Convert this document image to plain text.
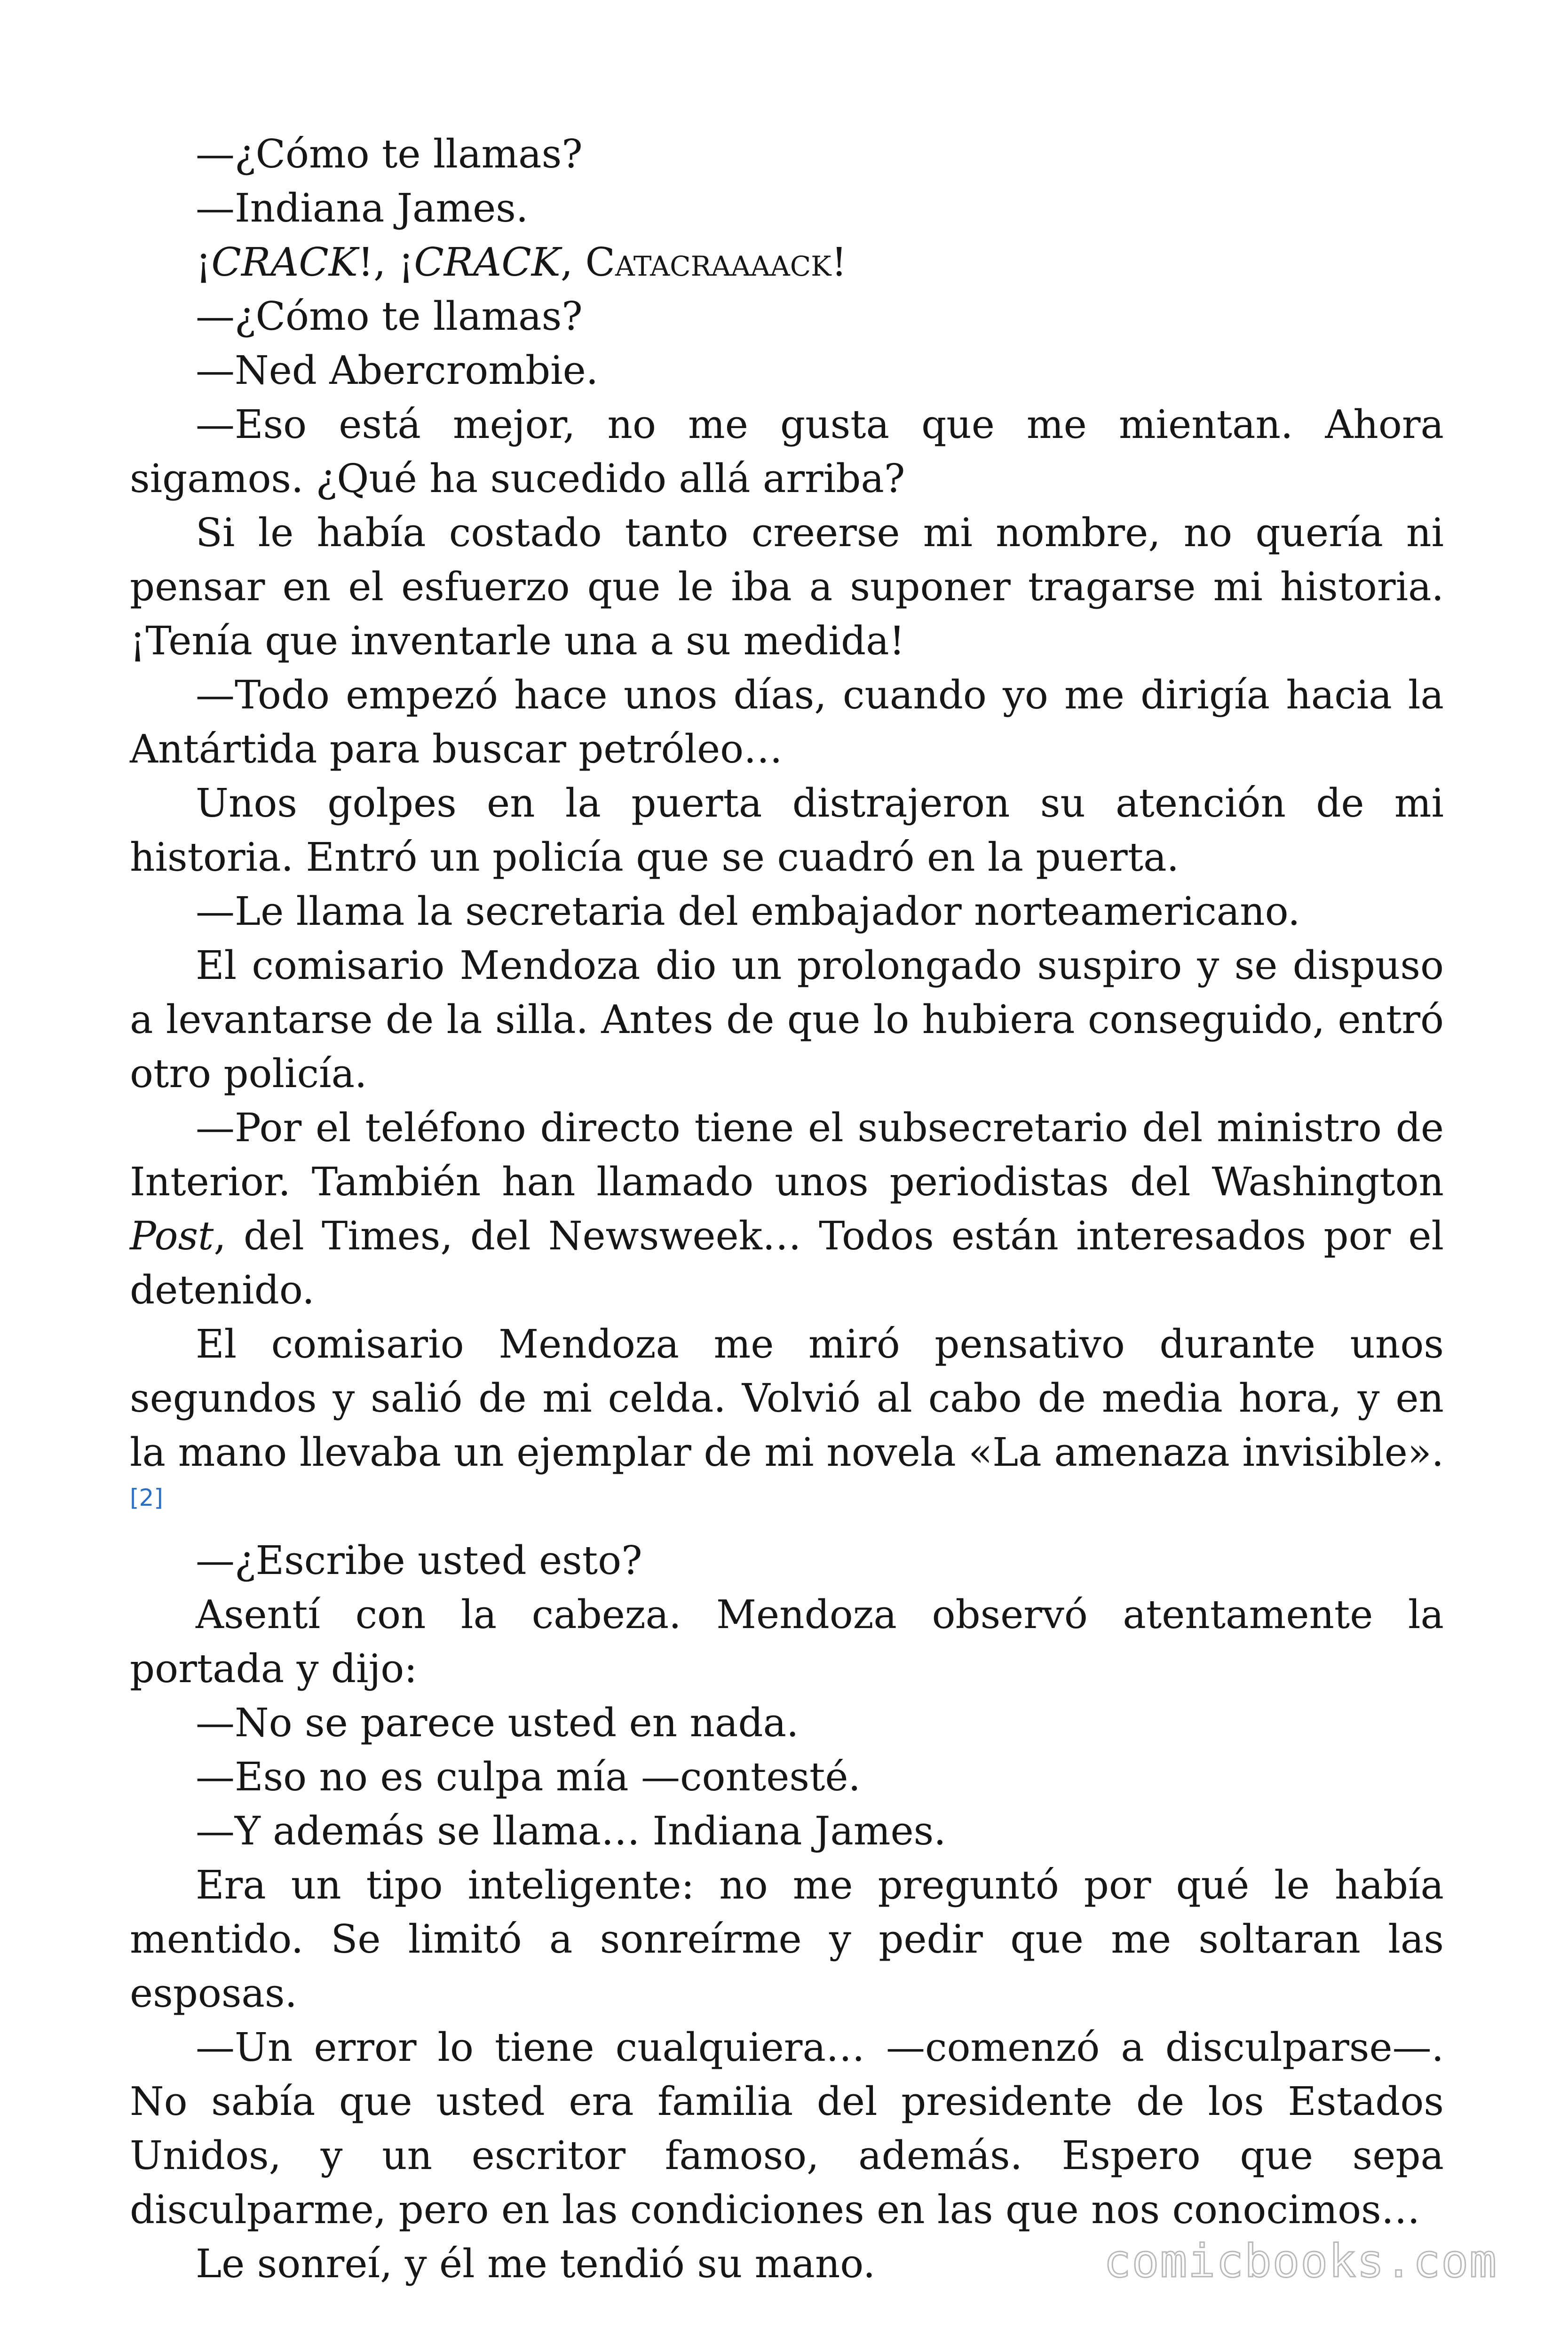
—¿Cómo te llamas?

—Indiana James.

¡CRACK!, ¡CRACK, Catacraaaack!

—¿Cómo te llamas?

—Ned Abercrombie.

—Eso está mejor, no me gusta que me mientan. Ahora sigamos. ¿Qué ha sucedido allá arriba?

Si le había costado tanto creerse mi nombre, no quería ni pensar en el esfuerzo que le iba a suponer tragarse mi historia. ¡Tenía que inventarle una a su medida!

—Todo empezó hace unos días, cuando yo me dirigía hacia la Antártida para buscar petróleo…

Unos golpes en la puerta distrajeron su atención de mi historia. Entró un policía que se cuadró en la puerta.

—Le llama la secretaria del embajador norteamericano.

El comisario Mendoza dio un prolongado suspiro y se dispuso a levantarse de la silla. Antes de que lo hubiera conseguido, entró otro policía.

—Por el teléfono directo tiene el subsecretario del ministro de Interior. También han llamado unos periodistas del Washington Post, del Times, del Newsweek… Todos están interesados por el detenido.

El comisario Mendoza me miró pensativo durante unos segundos y salió de mi celda. Volvió al cabo de media hora, y en la mano llevaba un ejemplar de mi novela «La amenaza invisible».[2]

—¿Escribe usted esto?

Asentí con la cabeza. Mendoza observó atentamente la portada y dijo:

—No se parece usted en nada.

—Eso no es culpa mía —contesté.

—Y además se llama… Indiana James.

Era un tipo inteligente: no me preguntó por qué le había mentido. Se limitó a sonreírme y pedir que me soltaran las esposas.

—Un error lo tiene cualquiera… —comenzó a disculparse—. No sabía que usted era familia del presidente de los Estados Unidos, y un escritor famoso, además. Espero que sepa disculparme, pero en las condiciones en las que nos conocimos…

Le sonreí, y él me tendió su mano.	comicbooks.com
